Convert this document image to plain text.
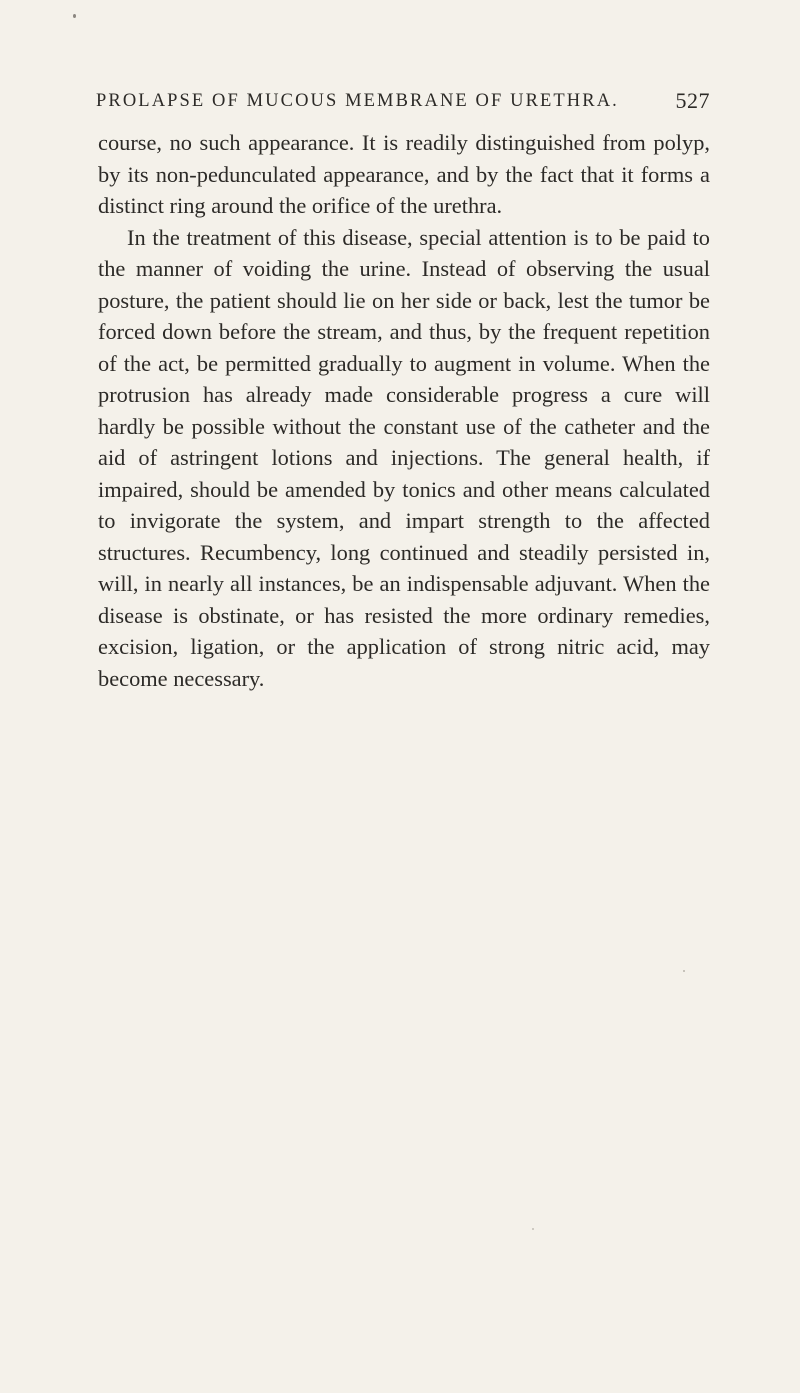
PROLAPSE OF MUCOUS MEMBRANE OF URETHRA.	527

course, no such appearance. It is readily distinguished from polyp, by its non-pedunculated appearance, and by the fact that it forms a distinct ring around the orifice of the urethra.

In the treatment of this disease, special attention is to be paid to the manner of voiding the urine. Instead of observing the usual posture, the patient should lie on her side or back, lest the tumor be forced down before the stream, and thus, by the frequent repetition of the act, be permitted gradually to augment in volume. When the protrusion has already made considerable progress a cure will hardly be possible without the constant use of the catheter and the aid of astringent lotions and injections. The general health, if impaired, should be amended by tonics and other means calculated to invigorate the system, and impart strength to the affected structures. Recumbency, long continued and steadily persisted in, will, in nearly all instances, be an indispensable adjuvant. When the disease is obstinate, or has resisted the more ordinary remedies, excision, ligation, or the application of strong nitric acid, may become necessary.
